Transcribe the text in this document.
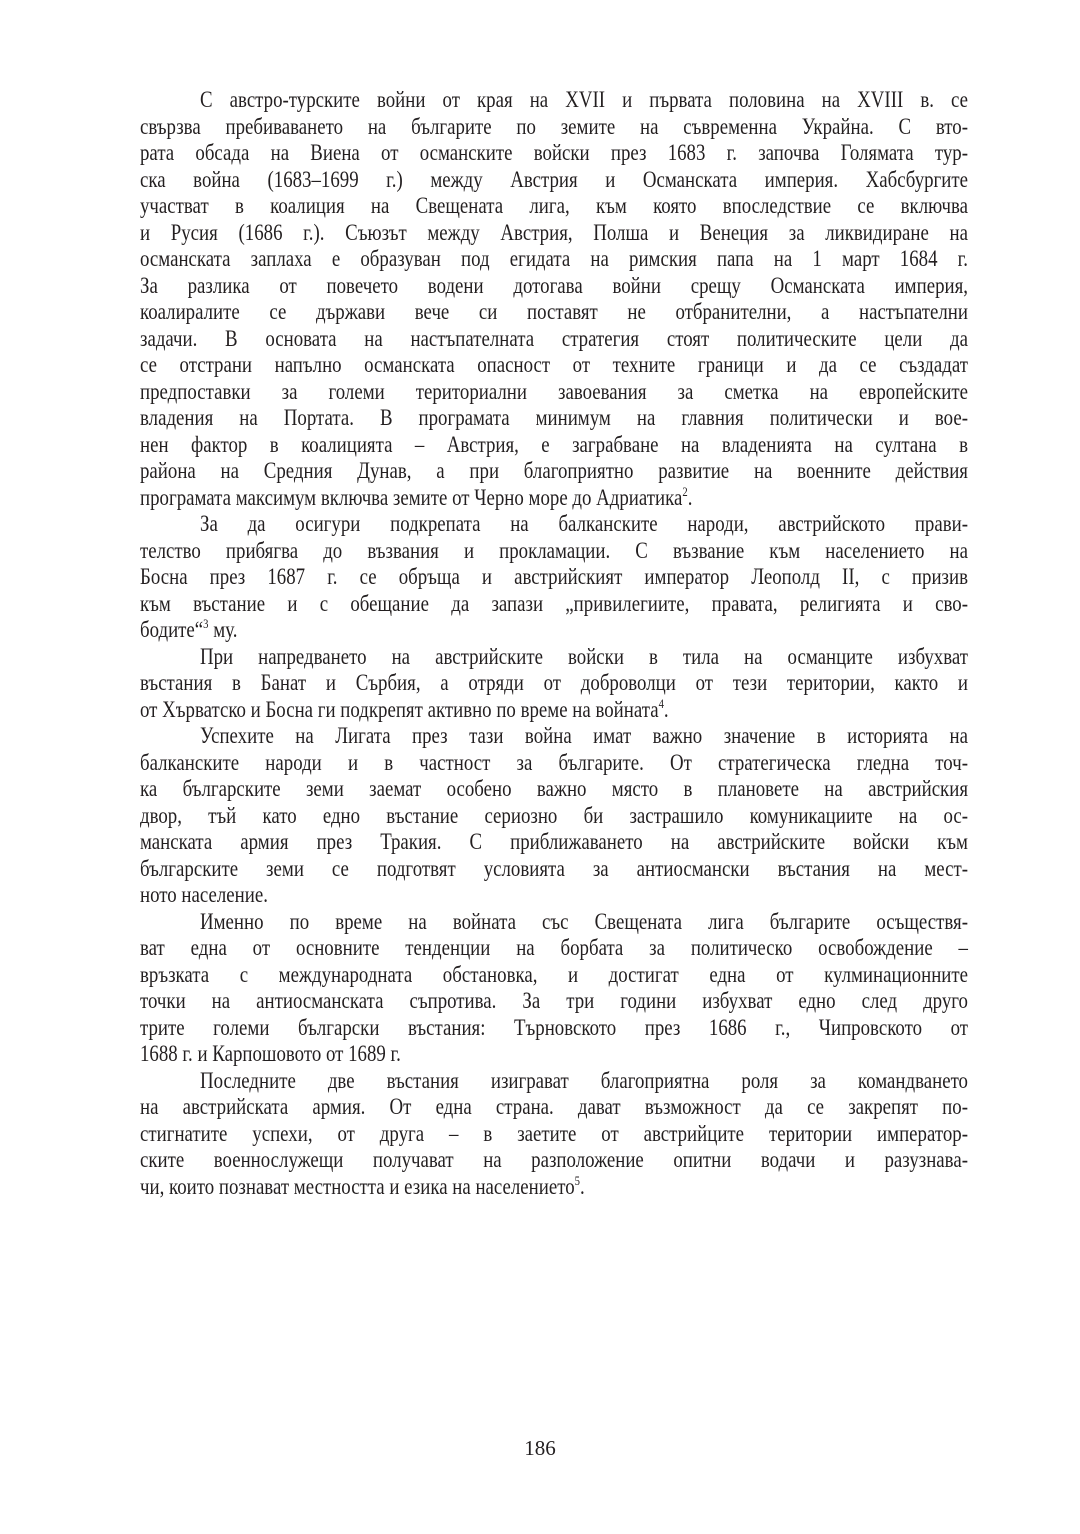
С австро-турските войни от края на XVII и първата половина на XVIII в. се
свързва пребиваването на българите по земите на съвременна Украйна. С вто-
рата обсада на Виена от османските войски през 1683 г. започва Голямата тур-
ска война (1683–1699 г.) между Австрия и Османската империя. Хабсбургите
участват в коалиция на Свещената лига, към която впоследствие се включва
и Русия (1686 г.). Съюзът между Австрия, Полша и Венеция за ликвидиране на
османската заплаха е образуван под егидата на римския папа на 1 март 1684 г.
За разлика от повечето водени дотогава войни срещу Османската империя,
коалиралите се държави вече си поставят не отбранителни, а настъпателни
задачи. В основата на настъпателната стратегия стоят политическите цели да
се отстрани напълно османската опасност от техните граници и да се създадат
предпоставки за големи териториални завоевания за сметка на европейските
владения на Портата. В програмата минимум на главния политически и вое-
нен фактор в коалицията – Австрия, е заграбване на владенията на султана в
района на Средния Дунав, а при благоприятно развитие на военните действия
програмата максимум включва земите от Черно море до Адриатика$^2$.
За да осигури подкрепата на балканските народи, австрийското прави-
телство прибягва до възвания и прокламации. С възвание към населението на
Босна през 1687 г. се обръща и австрийският император Леополд II, с призив
към въстание и с обещание да запази „привилегиите, правата, религията и сво-
бодите“$^3$ му.
При напредването на австрийските войски в тила на османците избухват
въстания в Банат и Сърбия, а отряди от доброволци от тези територии, както и
от Хърватско и Босна ги подкрепят активно по време на войната$^4$.
Успехите на Лигата през тази война имат важно значение в историята на
балканските народи и в частност за българите. От стратегическа гледна точ-
ка българските земи заемат особено важно място в плановете на австрийския
двор, тъй като едно въстание сериозно би застрашило комуникациите на ос-
манската армия през Тракия. С приближаването на австрийските войски към
българските земи се подготвят условията за антиосмански въстания на мест-
ното население.
Именно по време на войната със Свещената лига българите осъществя-
ват една от основните тенденции на борбата за политическо освобождение –
връзката с международната обстановка, и достигат една от кулминационните
точки на антиосманската съпротива. За три години избухват едно след друго
трите големи български въстания: Търновското през 1686 г., Чипровското от
1688 г. и Карпошовото от 1689 г.
Последните две въстания изиграват благоприятна роля за командването
на австрийската армия. От една страна. дават възможност да се закрепят по-
стигнатите успехи, от друга – в заетите от австрийците територии император-
ските военнослужещи получават на разположение опитни водачи и разузнава-
чи, които познават местността и езика на населението$^5$.
186
